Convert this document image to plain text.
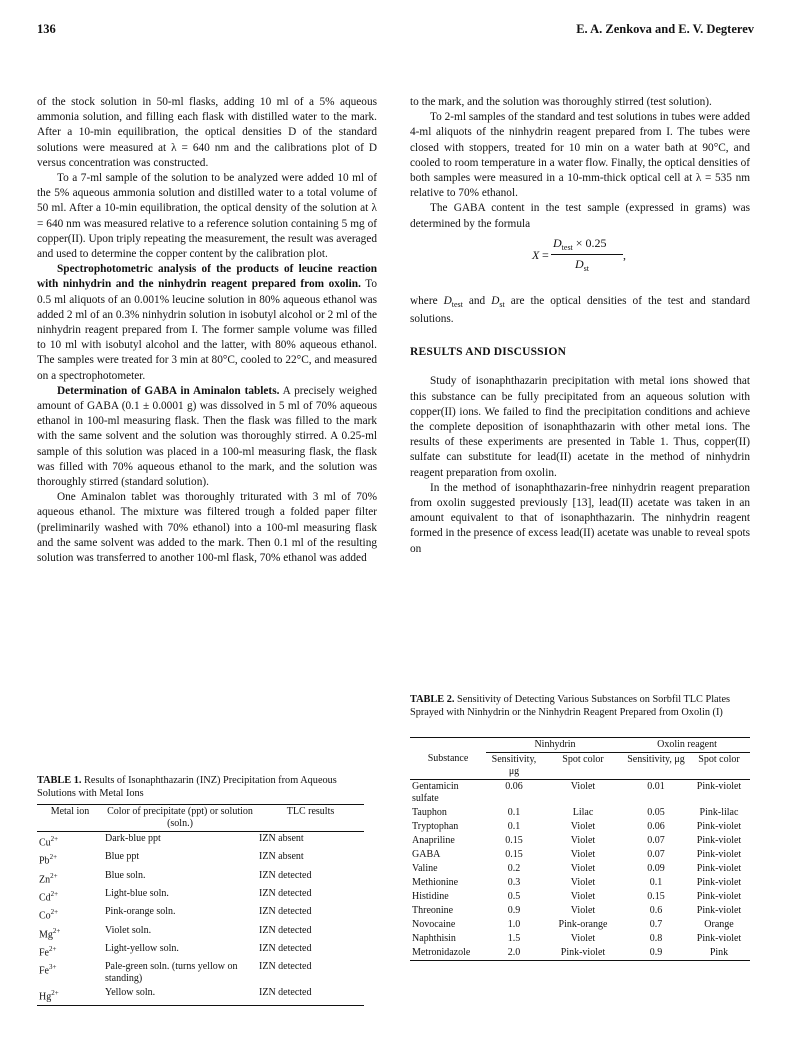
136	E. A. Zenkova and E. V. Degterev

of the stock solution in 50-ml flasks, adding 10 ml of a 5% aqueous ammonia solution, and filling each flask with distilled water to the mark. After a 10-min equilibration, the optical densities D of the standard solutions were measured at λ = 640 nm and the calibrations plot of D versus concentration was constructed.

To a 7-ml sample of the solution to be analyzed were added 10 ml of the 5% aqueous ammonia solution and distilled water to a total volume of 50 ml. After a 10-min equilibration, the optical density of the solution at λ = 640 nm was measured relative to a reference solution containing 5 mg of copper(II). Upon triply repeating the measurement, the result was averaged and used to determine the copper content by the calibration plot.

Spectrophotometric analysis of the products of leucine reaction with ninhydrin and the ninhydrin reagent prepared from oxolin. To 0.5 ml aliquots of an 0.001% leucine solution in 80% aqueous ethanol was added 2 ml of an 0.3% ninhydrin solution in isobutyl alcohol or 2 ml of the ninhydrin reagent prepared from I. The former sample volume was filled to 10 ml with isobutyl alcohol and the latter, with 80% aqueous ethanol. The samples were treated for 3 min at 80°C, cooled to 22°C, and measured on a spectrophotometer.

Determination of GABA in Aminalon tablets. A precisely weighed amount of GABA (0.1 ± 0.0001 g) was dissolved in 5 ml of 70% aqueous ethanol in 100-ml measuring flask. Then the flask was filled to the mark with the same solvent and the solution was thoroughly stirred. A 0.25-ml sample of this solution was placed in a 100-ml measuring flask, the flask was filled with 70% aqueous ethanol to the mark, and the solution was thoroughly stirred (standard solution).

One Aminalon tablet was thoroughly triturated with 3 ml of 70% aqueous ethanol. The mixture was filtered trough a folded paper filter (preliminarily washed with 70% ethanol) into a 100-ml measuring flask and the same solvent was added to the mark. Then 0.1 ml of the resulting solution was transferred to another 100-ml flask, 70% ethanol was added

to the mark, and the solution was thoroughly stirred (test solution).

To 2-ml samples of the standard and test solutions in tubes were added 4-ml aliquots of the ninhydrin reagent prepared from I. The tubes were closed with stoppers, treated for 10 min on a water bath at 90°C, and cooled to room temperature in a water flow. Finally, the optical densities of both samples were measured in a 10-mm-thick optical cell at λ = 535 nm relative to 70% ethanol.

The GABA content in the test sample (expressed in grams) was determined by the formula

X =
$D_{test} \times 0.25$
$D_{st}$
,

where $D_{test}$ and $D_{st}$ are the optical densities of the test and standard solutions.

RESULTS AND DISCUSSION

Study of isonaphthazarin precipitation with metal ions showed that this substance can be fully precipitated from an aqueous solution with copper(II) ions. We failed to find the precipitation conditions and achieve the complete deposition of isonaphthazarin with other metal ions. The results of these experiments are presented in Table 1. Thus, copper(II) sulfate can substitute for lead(II) acetate in the method of ninhydrin reagent preparation from oxolin.

In the method of isonaphthazarin-free ninhydrin reagent preparation from oxolin suggested previously [13], lead(II) acetate was taken in an amount equivalent to that of isonaphthazarin. The ninhydrin reagent formed in the presence of excess lead(II) acetate was unable to reveal spots on

TABLE 1. Results of Isonaphthazarin (INZ) Precipitation from Aqueous Solutions with Metal Ions
Metal ion	Color of precipitate (ppt) or solution (soln.)	TLC results
$Cu^{2+}$	Dark-blue ppt	IZN absent
$Pb^{2+}$	Blue ppt	IZN absent
$Zn^{2+}$	Blue soln.	IZN detected
$Cd^{2+}$	Light-blue soln.	IZN detected
$Co^{2+}$	Pink-orange soln.	IZN detected
$Mg^{2+}$	Violet soln.	IZN detected
$Fe^{2+}$	Light-yellow soln.	IZN detected
$Fe^{3+}$	Pale-green soln. (turns yellow on standing)	IZN detected
$Hg^{2+}$	Yellow soln.	IZN detected
TABLE 2. Sensitivity of Detecting Various Substances on Sorbfil TLC Plates Sprayed with Ninhydrin or the Ninhydrin Reagent Prepared from Oxolin (I)
Substance	Ninhydrin		Oxolin reagent	
	Sensitivity, μg	Spot color	Sensitivity, μg	Spot color
Gentamicin sulfate	0.06	Violet	0.01	Pink-violet
Tauphon	0.1	Lilac	0.05	Pink-lilac
Tryptophan	0.1	Violet	0.06	Pink-violet
Anapriline	0.15	Violet	0.07	Pink-violet
GABA	0.15	Violet	0.07	Pink-violet
Valine	0.2	Violet	0.09	Pink-violet
Methionine	0.3	Violet	0.1	Pink-violet
Histidine	0.5	Violet	0.15	Pink-violet
Threonine	0.9	Violet	0.6	Pink-violet
Novocaine	1.0	Pink-orange	0.7	Orange
Naphthisin	1.5	Violet	0.8	Pink-violet
Metronidazole	2.0	Pink-violet	0.9	Pink
